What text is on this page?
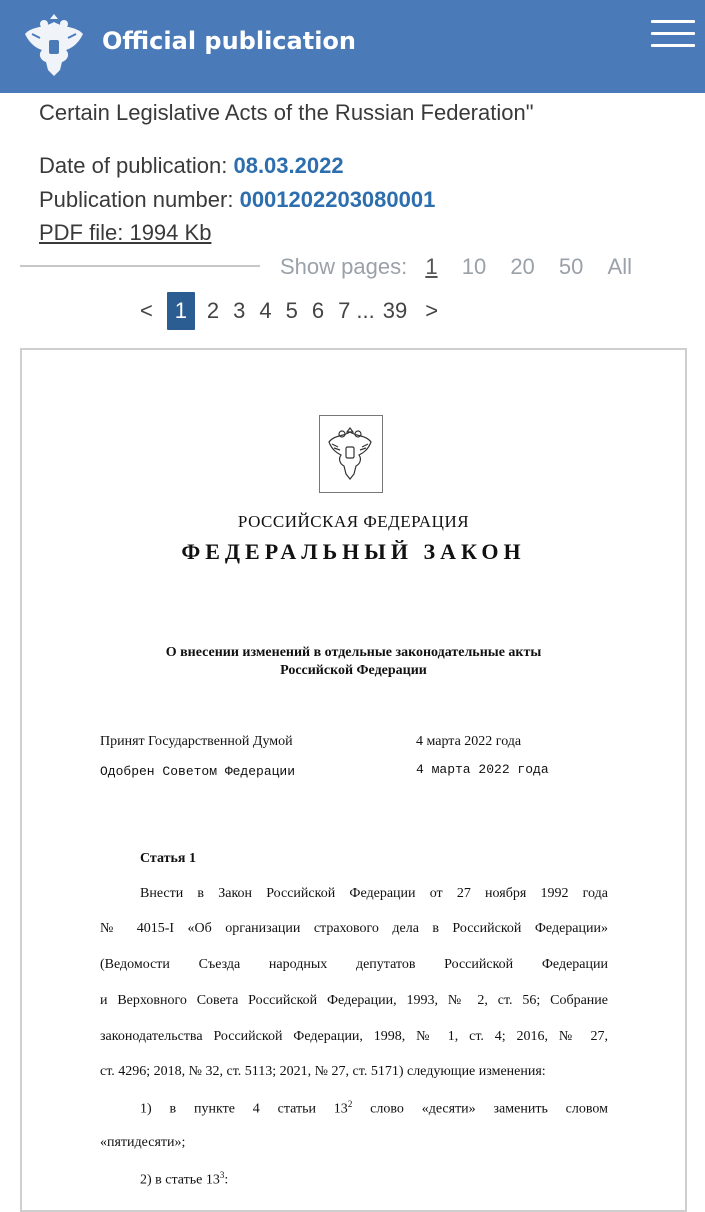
Official publication
Certain Legislative Acts of the Russian Federation"
Date of publication: 08.03.2022
Publication number: 0001202203080001
PDF file: 1994 Kb
Show pages: 1 10 20 50 All
< 1 2 3 4 5 6 7 ... 39 >
РОССИЙСКАЯ ФЕДЕРАЦИЯ
ФЕДЕРАЛЬНЫЙ ЗАКОН
О внесении изменений в отдельные законодательные акты
Российской Федерации
Принят Государственной Думой	4 марта 2022 года
Одобрен Советом Федерации	4 марта 2022 года
Статья 1
Внести в Закон Российской Федерации от 27 ноября 1992 года
№ 4015-I «Об организации страхового дела в Российской Федерации»
(Ведомости Съезда народных депутатов Российской Федерации
и Верховного Совета Российской Федерации, 1993, № 2, ст. 56; Собрание
законодательства Российской Федерации, 1998, № 1, ст. 4; 2016, № 27,
ст. 4296; 2018, № 32, ст. 5113; 2021, № 27, ст. 5171) следующие изменения:
1) в пункте 4 статьи $13^2$ слово «десяти» заменить словом
«пятидесяти»;
2) в статье $13^3$:
